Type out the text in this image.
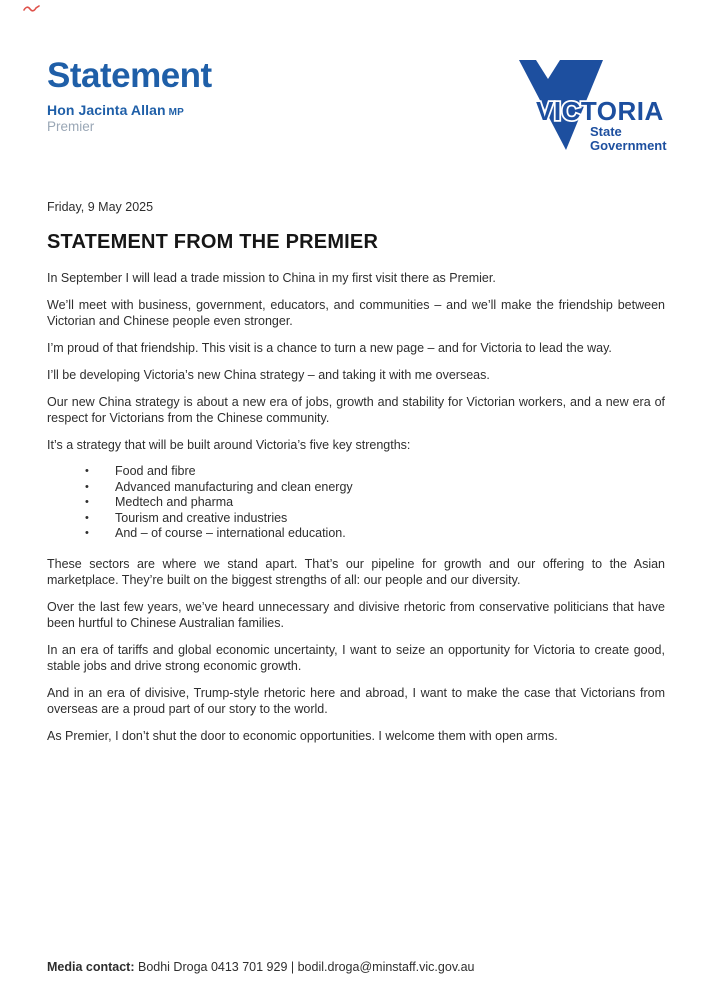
Statement
Hon Jacinta Allan MP
Premier
VICTORIA
State
Government
Friday, 9 May 2025
STATEMENT FROM THE PREMIER

In September I will lead a trade mission to China in my first visit there as Premier.

We’ll meet with business, government, educators, and communities – and we’ll make the friendship between Victorian and Chinese people even stronger.

I’m proud of that friendship. This visit is a chance to turn a new page – and for Victoria to lead the way.

I’ll be developing Victoria’s new China strategy – and taking it with me overseas.

Our new China strategy is about a new era of jobs, growth and stability for Victorian workers, and a new era of respect for Victorians from the Chinese community.

It’s a strategy that will be built around Victoria’s five key strengths:

•	Food and fibre
•	Advanced manufacturing and clean energy
•	Medtech and pharma
•	Tourism and creative industries
•	And – of course – international education.

These sectors are where we stand apart. That’s our pipeline for growth and our offering to the Asian marketplace. They’re built on the biggest strengths of all: our people and our diversity.

Over the last few years, we’ve heard unnecessary and divisive rhetoric from conservative politicians that have been hurtful to Chinese Australian families.

In an era of tariffs and global economic uncertainty, I want to seize an opportunity for Victoria to create good, stable jobs and drive strong economic growth.

And in an era of divisive, Trump-style rhetoric here and abroad, I want to make the case that Victorians from overseas are a proud part of our story to the world.

As Premier, I don’t shut the door to economic opportunities. I welcome them with open arms.

Media contact: Bodhi Droga 0413 701 929 | bodil.droga@minstaff.vic.gov.au
